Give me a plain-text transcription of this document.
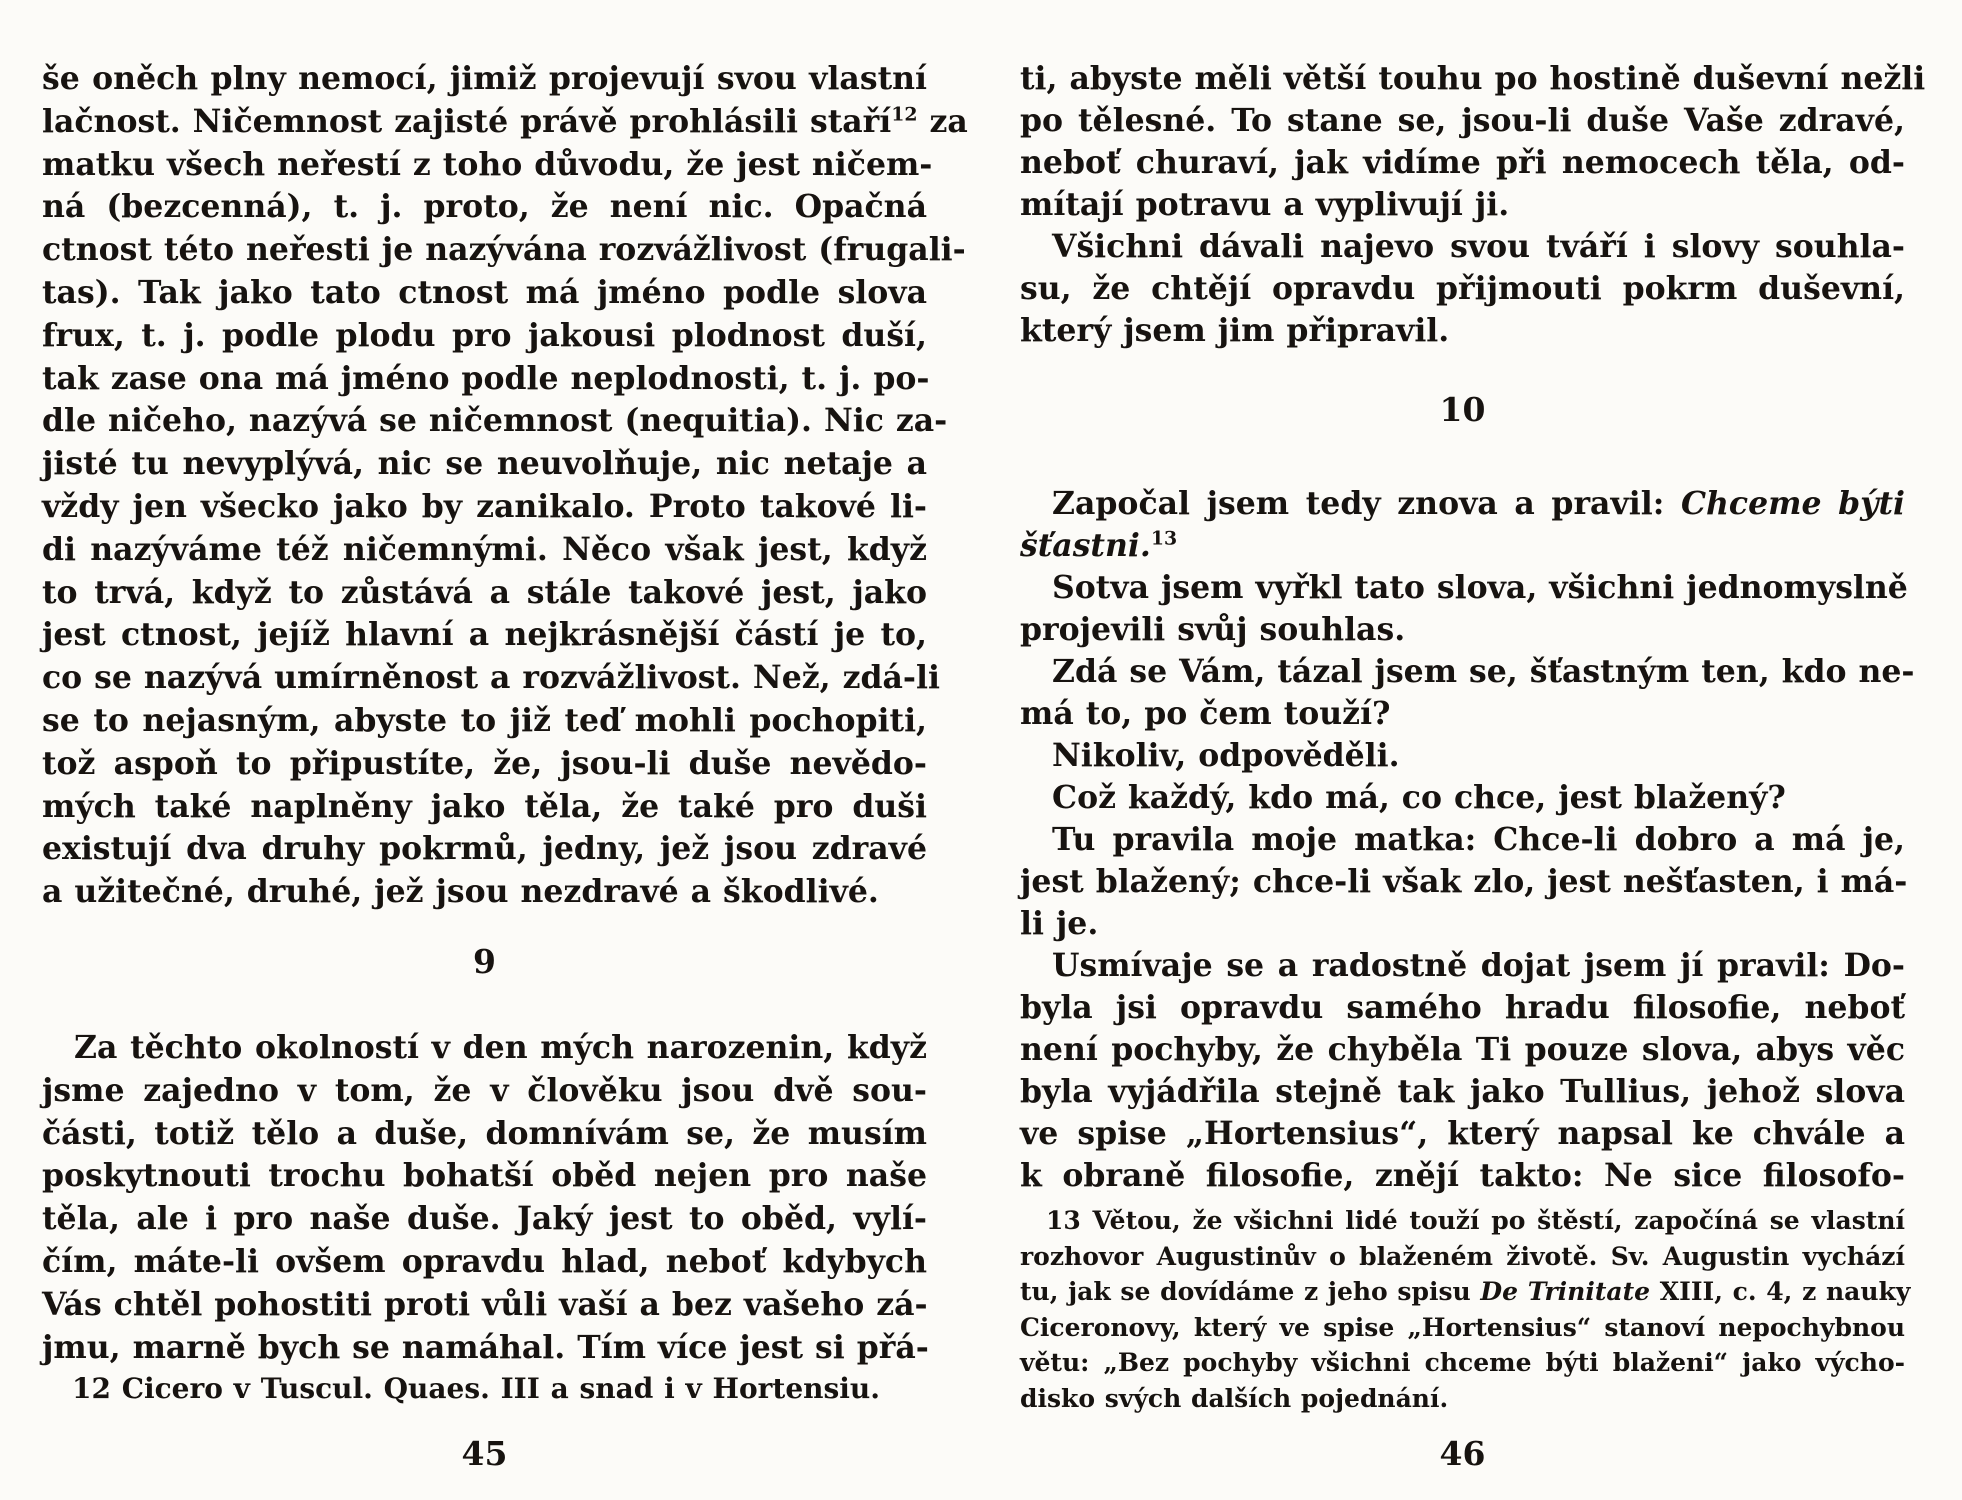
še oněch plny nemocí, jimiž projevují svou vlastní
lačnost. Ničemnost zajisté právě prohlásili staří$^{12}$ za
matku všech neřestí z toho důvodu, že jest ničem-
ná (bezcenná), t. j. proto, že není nic. Opačná
ctnost této neřesti je nazývána rozvážlivost (frugali-
tas). Tak jako tato ctnost má jméno podle slova
frux, t. j. podle plodu pro jakousi plodnost duší,
tak zase ona má jméno podle neplodnosti, t. j. po-
dle ničeho, nazývá se ničemnost (nequitia). Nic za-
jisté tu nevyplývá, nic se neuvolňuje, nic netaje a
vždy jen všecko jako by zanikalo. Proto takové li-
di nazýváme též ničemnými. Něco však jest, když
to trvá, když to zůstává a stále takové jest, jako
jest ctnost, jejíž hlavní a nejkrásnější částí je to,
co se nazývá umírněnost a rozvážlivost. Než, zdá-li
se to nejasným, abyste to již teď mohli pochopiti,
tož aspoň to připustíte, že, jsou-li duše nevědo-
mých také naplněny jako těla, že také pro duši
existují dva druhy pokrmů, jedny, jež jsou zdravé
a užitečné, druhé, jež jsou nezdravé a škodlivé.
9
Za těchto okolností v den mých narozenin, když
jsme zajedno v tom, že v člověku jsou dvě sou-
části, totiž tělo a duše, domnívám se, že musím
poskytnouti trochu bohatší oběd nejen pro naše
těla, ale i pro naše duše. Jaký jest to oběd, vylí-
čím, máte-li ovšem opravdu hlad, neboť kdybych
Vás chtěl pohostiti proti vůli vaší a bez vašeho zá-
jmu, marně bych se namáhal. Tím více jest si přá-
12 Cicero v Tuscul. Quaes. III a snad i v Hortensiu.
45
ti, abyste měli větší touhu po hostině duševní nežli
po tělesné. To stane se, jsou-li duše Vaše zdravé,
neboť churaví, jak vidíme při nemocech těla, od-
mítají potravu a vyplivují ji.
Všichni dávali najevo svou tváří i slovy souhla-
su, že chtějí opravdu přijmouti pokrm duševní,
který jsem jim připravil.
10
Započal jsem tedy znova a pravil: Chceme býti
šťastni.$^{13}$
Sotva jsem vyřkl tato slova, všichni jednomyslně
projevili svůj souhlas.
Zdá se Vám, tázal jsem se, šťastným ten, kdo ne-
má to, po čem touží?
Nikoliv, odpověděli.
Což každý, kdo má, co chce, jest blažený?
Tu pravila moje matka: Chce-li dobro a má je,
jest blažený; chce-li však zlo, jest nešťasten, i má-
li je.
Usmívaje se a radostně dojat jsem jí pravil: Do-
byla jsi opravdu samého hradu filosofie, neboť
není pochyby, že chyběla Ti pouze slova, abys věc
byla vyjádřila stejně tak jako Tullius, jehož slova
ve spise „Hortensius“, který napsal ke chvále a
k obraně filosofie, znějí takto: Ne sice filosofo-
13 Větou, že všichni lidé touží po štěstí, započíná se vlastní
rozhovor Augustinův o blaženém životě. Sv. Augustin vychází
tu, jak se dovídáme z jeho spisu De Trinitate XIII, c. 4, z nauky
Ciceronovy, který ve spise „Hortensius“ stanoví nepochybnou
větu: „Bez pochyby všichni chceme býti blaženi“ jako výcho-
disko svých dalších pojednání.
46
